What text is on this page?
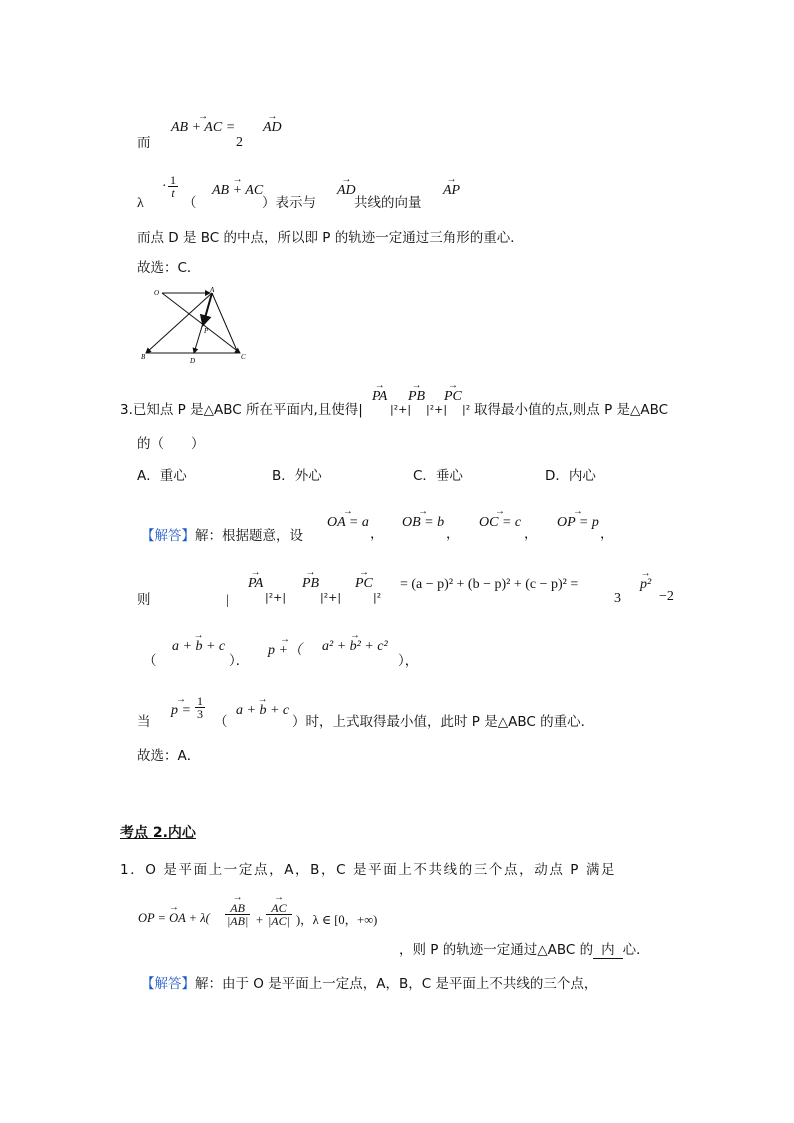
而
→ AB + AC =
2
→ AD
λ
· $\frac{1}{t}$
（
→ AB + AC
）表示与
→ AD
共线的向量
→ AP
而点 D 是 BC 的中点，所以即 P 的轨迹一定通过三角形的重心．
故选：C．
O	A
P
B	D	C
3.已知点 P 是△ABC 所在平面内,且使得|
→ PA
|²+|
→ PB
|²+|
→ PC
|² 取得最小值的点,则点 P 是△ABC
的（　　）
A．重心	B．外心	C．垂心	D．内心
【解答】解：根据题意，设
→ OA = a
，
→ OB = b
，
→ OC = c
，
→ OP = p
，
则	|
→ PA
|²+|
→ PB
|²+|
→ PC
|²
= (a − p)² + (b − p)² + (c − p)² =
3
→ p²
−2
（
→ a + b + c
）．
→ p +（
→ a² + b² + c²
），
当
→ $p = \frac{1}{3}$
（
→ a + b + c
）时，上式取得最小值，此时 P 是△ABC 的重心．
故选：A．
考点 2.内心
1．O 是平面上一定点，A，B，C 是平面上不共线的三个点，动点 P 满足
→ OP = OA + λ(
→ $\frac{AB}{|AB|}$ +
→ $\frac{AC}{|AC|}$ )，λ ∈ [0，+∞)
，则 P 的轨迹一定通过△ABC 的 内 心．
【解答】解：由于 O 是平面上一定点，A，B，C 是平面上不共线的三个点，
